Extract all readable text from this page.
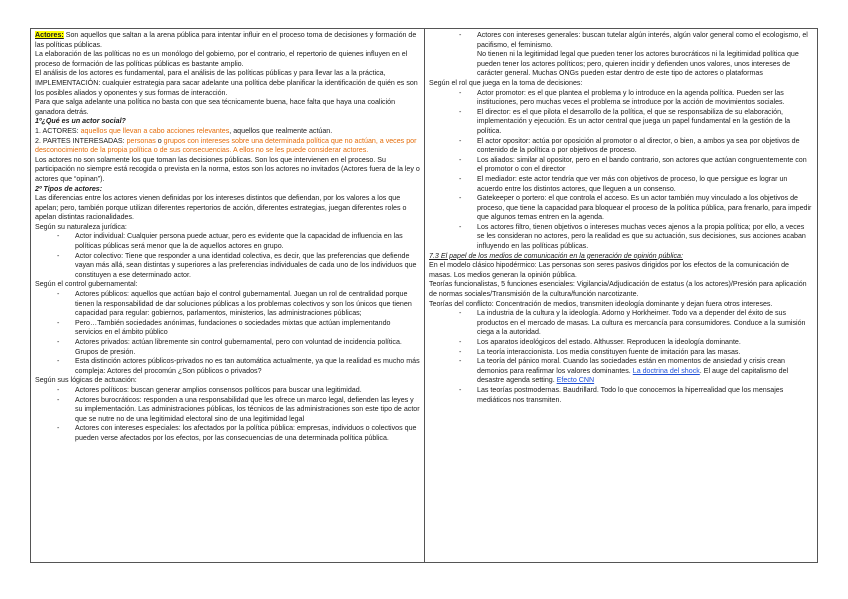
Actores: Son aquellos que saltan a la arena pública para intentar influir en el proceso toma de decisiones y formación de las políticas públicas.

La elaboración de las políticas no es un monólogo del gobierno, por el contrario, el repertorio de quienes influyen en el proceso de formación de las políticas públicas es bastante amplio.

El análisis de los actores es fundamental, para el análisis de las políticas públicas y para llevar las a la práctica, IMPLEMENTACIÓN: cualquier estrategia para sacar adelante una política debe planificar la identificación de quién es son los posibles aliados y oponentes y sus formas de interacción.

Para que salga adelante una política no basta con que sea técnicamente buena, hace falta que haya una coalición ganadora detrás.

1º¿Qué es un actor social?

1. ACTORES: aquellos que llevan a cabo acciones relevantes, aquellos que realmente actúan.

2. PARTES INTERESADAS: personas o grupos con intereses sobre una determinada política que no actúan, a veces por desconocimiento de la propia política o de sus consecuencias. A ellos no se les puede considerar actores.

Los actores no son solamente los que toman las decisiones públicas. Son los que intervienen en el proceso. Su participación no siempre está recogida o prevista en la norma, estos son los actores no invitados (Actores fuera de la ley o actores que “opinan”).

2º Tipos de actores:

Las diferencias entre los actores vienen definidas por los intereses distintos que defiendan, por los valores a los que apelan; pero, también porque utilizan diferentes repertorios de acción, diferentes estrategias, juegan diferentes roles o apelan distintas racionalidades.

Según su naturaleza jurídica:

- Actor individual: Cualquier persona puede actuar, pero es evidente que la capacidad de influencia en las políticas públicas será menor que la de aquellos actores en grupo.
- Actor colectivo: Tiene que responder a una identidad colectiva, es decir, que las preferencias que defiende vayan más allá, sean distintas y superiores a las preferencias individuales de cada uno de los individuos que constituyen a ese determinado actor.

Según el control gubernamental:

- Actores públicos: aquellos que actúan bajo el control gubernamental. Juegan un rol de centralidad porque tienen la responsabilidad de dar soluciones públicas a los problemas colectivos y son los únicos que tienen capacidad para regular: gobiernos, parlamentos, ministerios, las administraciones públicas;
- Pero…También sociedades anónimas, fundaciones o sociedades mixtas que actúan implementando servicios en el ámbito público
- Actores privados: actúan libremente sin control gubernamental, pero con voluntad de incidencia política. Grupos de presión.
- Esta distinción actores públicos-privados no es tan automática actualmente, ya que la realidad es mucho más compleja: Actores del procomún ¿Son públicos o privados?

Según sus lógicas de actuación:

- Actores políticos: buscan generar amplios consensos políticos para buscar una legitimidad.
- Actores burocráticos: responden a una responsabilidad que les ofrece un marco legal, defienden las leyes y su implementación. Las administraciones públicas, los técnicos de las administraciones son este tipo de actor que se nutre no de una legitimidad electoral sino de una legitimidad legal
- Actores con intereses especiales: los afectados por la política pública: empresas, individuos o colectivos que pueden verse afectados por los efectos, por las consecuencias de una determinada política pública.
- Actores con intereses generales: buscan tutelar algún interés, algún valor general como el ecologismo, el pacifismo, el feminismo.
No tienen ni la legitimidad legal que pueden tener los actores burocráticos ni la legitimidad política que pueden tener los actores políticos; pero, quieren incidir y defienden unos valores, unos intereses de carácter general. Muchas ONGs pueden estar dentro de este tipo de actores o plataformas

Según el rol que juega en la toma de decisiones:

- Actor promotor: es el que plantea el problema y lo introduce en la agenda política. Pueden ser las instituciones, pero muchas veces el problema se introduce por la acción de movimientos sociales.
- El director: es el que pilota el desarrollo de la política, el que se responsabiliza de su elaboración, implementación y ejecución. Es un actor central que juega un papel fundamental en la gestión de la política.
- El actor opositor: actúa por oposición al promotor o al director, o bien, a ambos ya sea por objetivos de contenido de la política o por objetivos de proceso.
- Los aliados: similar al opositor, pero en el bando contrario, son actores que actúan congruentemente con el promotor o con el director
- El mediador: este actor tendría que ver más con objetivos de proceso, lo que persigue es lograr un acuerdo entre los distintos actores, que lleguen a un consenso.
- Gatekeeper o portero: el que controla el acceso. Es un actor también muy vinculado a los objetivos de proceso, que tiene la capacidad para bloquear el proceso de la política pública, para frenarlo, para impedir que algunos temas entren en la agenda.
- Los actores filtro, tienen objetivos o intereses muchas veces ajenos a la propia política; por ello, a veces se les consideran no actores, pero la realidad es que su actuación, sus decisiones, sus acciones acaban influyendo en las políticas públicas.

7.3 El papel de los medios de comunicación en la generación de opinión pública:

En el modelo clásico hipodérmico: Las personas son seres pasivos dirigidos por los efectos de la comunicación de masas. Los medios generan la opinión pública.

Teorías funcionalistas, 5 funciones esenciales: Vigilancia/Adjudicación de estatus (a los actores)/Presión para aplicación de normas sociales/Transmisión de la cultura/función narcotizante.

Teorías del conflicto: Concentración de medios, transmiten ideología dominante y dejan fuera otros intereses.

- La industria de la cultura y la ideología. Adorno y Horkheimer. Todo va a depender del éxito de sus productos en el mercado de masas. La cultura es mercancía para consumidores. Conduce a la sumisión ciega a la autoridad.
- Los aparatos ideológicos del estado. Althusser. Reproducen la ideología dominante.
- La teoría interaccionista. Los media constituyen fuente de imitación para las masas.
- La teoría del pánico moral. Cuando las sociedades están en momentos de ansiedad y crisis crean demonios para reafirmar los valores dominantes. La doctrina del shock. El auge del capitalismo del desastre agenda setting. Efecto CNN
- Las teorías postmodernas. Baudrillard. Todo lo que conocemos la hiperrealidad que los mensajes mediáticos nos transmiten.
